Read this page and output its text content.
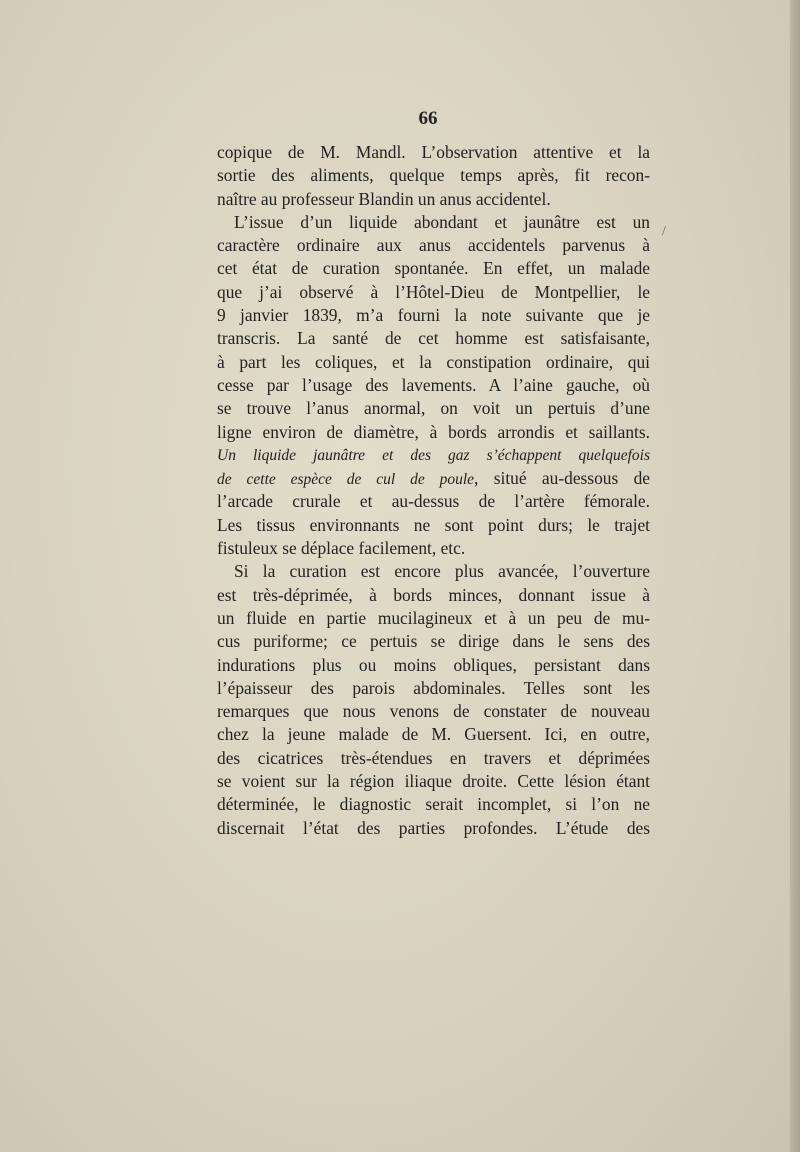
66
copique de M. Mandl. L’observation attentive et la
sortie des aliments, quelque temps après, fit recon-
naître au professeur Blandin un anus accidentel.
L’issue d’un liquide abondant et jaunâtre est un
caractère ordinaire aux anus accidentels parvenus à
cet état de curation spontanée. En effet, un malade
que j’ai observé à l’Hôtel-Dieu de Montpellier, le
9 janvier 1839, m’a fourni la note suivante que je
transcris. La santé de cet homme est satisfaisante,
à part les coliques, et la constipation ordinaire, qui
cesse par l’usage des lavements. A l’aine gauche, où
se trouve l’anus anormal, on voit un pertuis d’une
ligne environ de diamètre, à bords arrondis et saillants.
Un liquide jaunâtre et des gaz s’échappent quelquefois
de cette espèce de cul de poule, situé au-dessous de
l’arcade crurale et au-dessus de l’artère fémorale.
Les tissus environnants ne sont point durs; le trajet
fistuleux se déplace facilement, etc.
Si la curation est encore plus avancée, l’ouverture
est très-déprimée, à bords minces, donnant issue à
un fluide en partie mucilagineux et à un peu de mu-
cus puriforme; ce pertuis se dirige dans le sens des
indurations plus ou moins obliques, persistant dans
l’épaisseur des parois abdominales. Telles sont les
remarques que nous venons de constater de nouveau
chez la jeune malade de M. Guersent. Ici, en outre,
des cicatrices très-étendues en travers et déprimées
se voient sur la région iliaque droite. Cette lésion étant
déterminée, le diagnostic serait incomplet, si l’on ne
discernait l’état des parties profondes. L’étude des
/
